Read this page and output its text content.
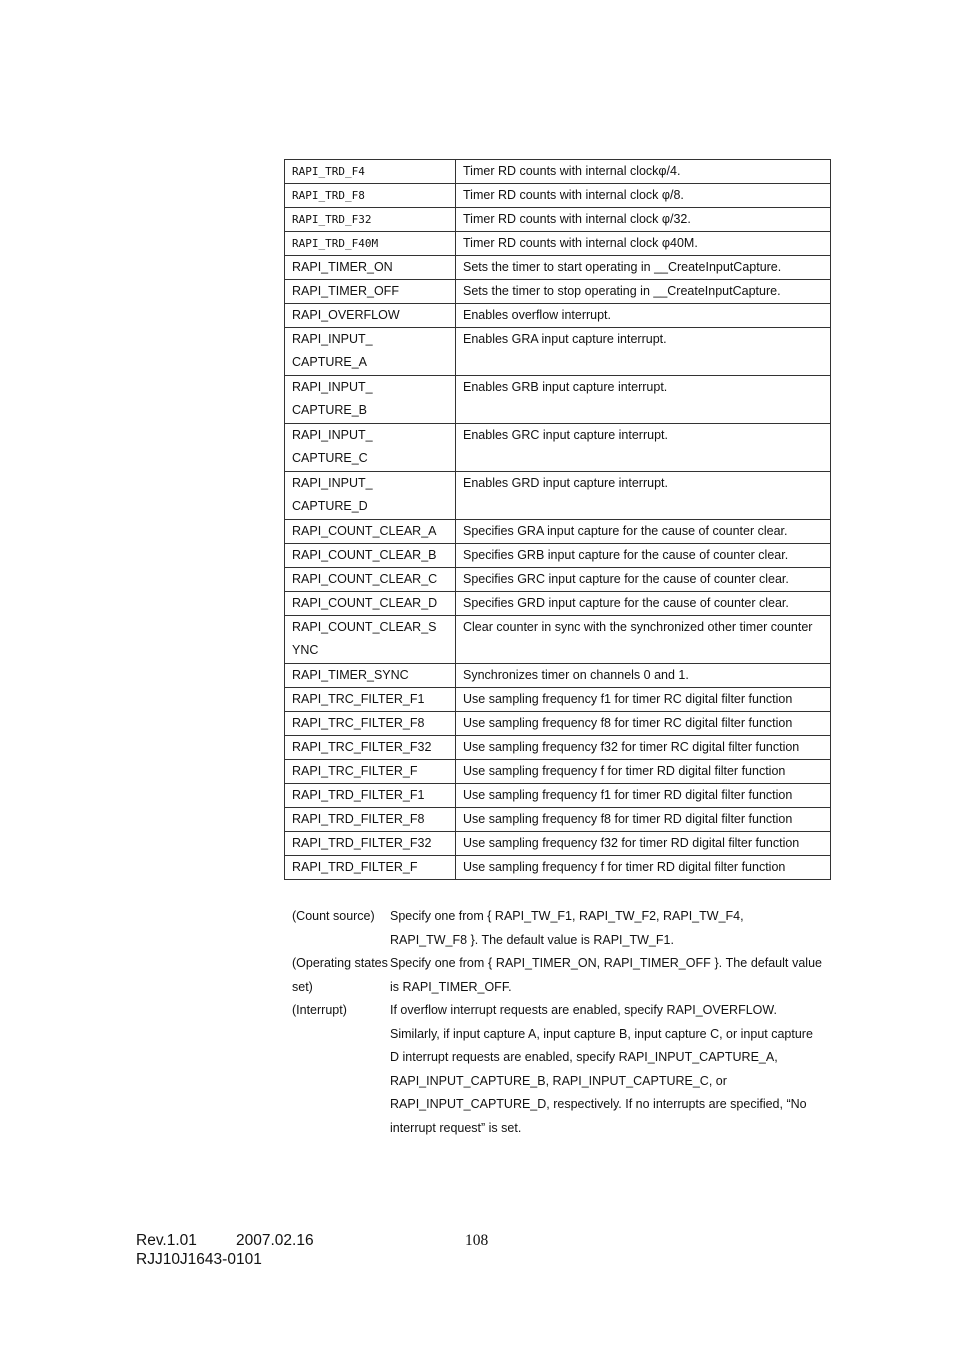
RAPI_TRD_F4	Timer RD counts with internal clockφ/4.
RAPI_TRD_F8	Timer RD counts with internal clock φ/8.
RAPI_TRD_F32	Timer RD counts with internal clock φ/32.
RAPI_TRD_F40M	Timer RD counts with internal clock φ40M.
RAPI_TIMER_ON	Sets the timer to start operating in __CreateInputCapture.
RAPI_TIMER_OFF	Sets the timer to stop operating in __CreateInputCapture.
RAPI_OVERFLOW	Enables overflow interrupt.
RAPI_INPUT_
CAPTURE_A	Enables GRA input capture interrupt.
RAPI_INPUT_
CAPTURE_B	Enables GRB input capture interrupt.
RAPI_INPUT_
CAPTURE_C	Enables GRC input capture interrupt.
RAPI_INPUT_
CAPTURE_D	Enables GRD input capture interrupt.
RAPI_COUNT_CLEAR_A	Specifies GRA input capture for the cause of counter clear.
RAPI_COUNT_CLEAR_B	Specifies GRB input capture for the cause of counter clear.
RAPI_COUNT_CLEAR_C	Specifies GRC input capture for the cause of counter clear.
RAPI_COUNT_CLEAR_D	Specifies GRD input capture for the cause of counter clear.
RAPI_COUNT_CLEAR_S
YNC	Clear counter in sync with the synchronized other timer counter
RAPI_TIMER_SYNC	Synchronizes timer on channels 0 and 1.
RAPI_TRC_FILTER_F1	Use sampling frequency f1 for timer RC digital filter function
RAPI_TRC_FILTER_F8	Use sampling frequency f8 for timer RC digital filter function
RAPI_TRC_FILTER_F32	Use sampling frequency f32 for timer RC digital filter function
RAPI_TRC_FILTER_F	Use sampling frequency f for timer RD digital filter function
RAPI_TRD_FILTER_F1	Use sampling frequency f1 for timer RD digital filter function
RAPI_TRD_FILTER_F8	Use sampling frequency f8 for timer RD digital filter function
RAPI_TRD_FILTER_F32	Use sampling frequency f32 for timer RD digital filter function
RAPI_TRD_FILTER_F	Use sampling frequency f for timer RD digital filter function
(Count source)	Specify one from { RAPI_TW_F1, RAPI_TW_F2, RAPI_TW_F4, RAPI_TW_F8 }. The default value is RAPI_TW_F1.
(Operating states set)
Specify one from { RAPI_TIMER_ON, RAPI_TIMER_OFF }. The default value is RAPI_TIMER_OFF.
(Interrupt)	If overflow interrupt requests are enabled, specify RAPI_OVERFLOW. Similarly, if input capture A, input capture B, input capture C, or input capture D interrupt requests are enabled, specify RAPI_INPUT_CAPTURE_A, RAPI_INPUT_CAPTURE_B, RAPI_INPUT_CAPTURE_C, or RAPI_INPUT_CAPTURE_D, respectively. If no interrupts are specified, “No interrupt request” is set.
Rev.1.01	2007.02.16	108
RJJ10J1643-0101
